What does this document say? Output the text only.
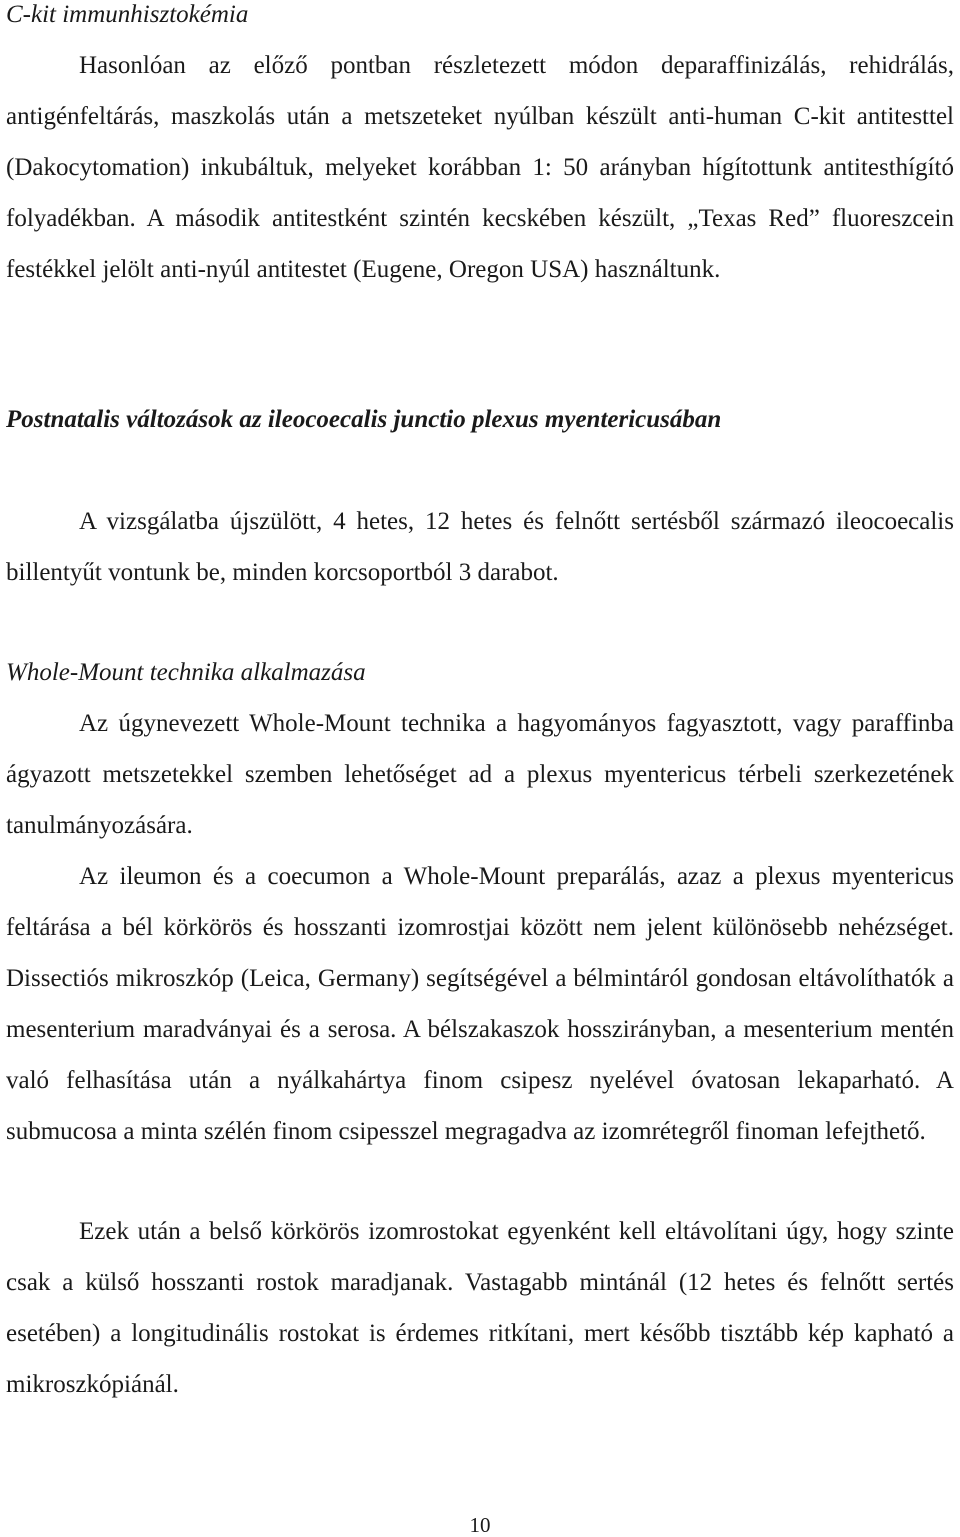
C-kit immunhisztokémia

Hasonlóan az előző pontban részletezett módon deparaffinizálás, rehidrálás, antigénfeltárás, maszkolás után a metszeteket nyúlban készült anti-human C-kit antitesttel (Dakocytomation) inkubáltuk, melyeket korábban 1: 50 arányban hígítottunk antitesthígító folyadékban. A második antitestként szintén kecskében készült, „Texas Red” fluoreszcein festékkel jelölt anti-nyúl antitestet (Eugene, Oregon USA) használtunk.

Postnatalis változások az ileocoecalis junctio plexus myentericusában

A vizsgálatba újszülött, 4 hetes, 12 hetes és felnőtt sertésből származó ileocoecalis billentyűt vontunk be, minden korcsoportból 3 darabot.

Whole-Mount technika alkalmazása

Az úgynevezett Whole-Mount technika a hagyományos fagyasztott, vagy paraffinba ágyazott metszetekkel szemben lehetőséget ad a plexus myentericus térbeli szerkezetének tanulmányozására.

Az ileumon és a coecumon a Whole-Mount preparálás, azaz a plexus myentericus feltárása a bél körkörös és hosszanti izomrostjai között nem jelent különösebb nehézséget. Dissectiós mikroszkóp (Leica, Germany) segítségével a bélmintáról gondosan eltávolíthatók a mesenterium maradványai és a serosa. A bélszakaszok hosszirányban, a mesenterium mentén való felhasítása után a nyálkahártya finom csipesz nyelével óvatosan lekaparható. A submucosa a minta szélén finom csipesszel megragadva az izomrétegről finoman lefejthető.

Ezek után a belső körkörös izomrostokat egyenként kell eltávolítani úgy, hogy szinte csak a külső hosszanti rostok maradjanak. Vastagabb mintánál (12 hetes és felnőtt sertés esetében) a longitudinális rostokat is érdemes ritkítani, mert később tisztább kép kapható a mikroszkópiánál.

10
